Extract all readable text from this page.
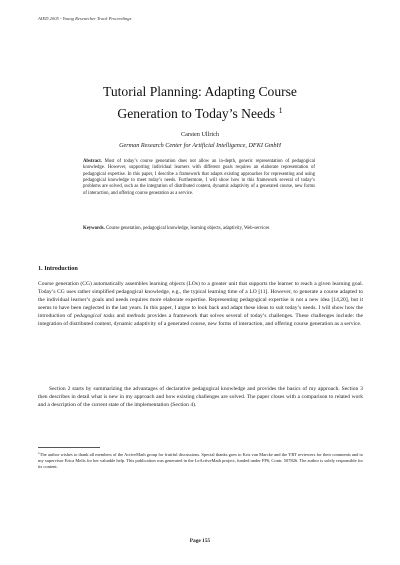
AIED 2005 - Young Researcher Track Proceedings
Tutorial Planning: Adapting Course
Generation to Today’s Needs $^1$
Carsten Ullrich
German Research Center for Artificial Intelligence, DFKI GmbH
Abstract. Most of today’s course generation does not allow an in-depth, generic representation of pedagogical knowledge. However, supporting individual learners with different goals requires an elaborate representation of pedagogical expertise. In this paper, I describe a framework that adapts existing approaches for representing and using pedagogical knowledge to meet today’s needs. Furthermore, I will show how in this framework several of today’s problems are solved, such as the integration of distributed content, dynamic adaptivity of a generated course, new forms of interaction, and offering course generation as a service.
Keywords. Course generation, pedagogical knowledge, learning objects, adaptivity, Web-services
1. Introduction
Course generation (CG) automatically assembles learning objects (LOs) to a greater unit that supports the learner to reach a given learning goal. Today’s CG uses rather simplified pedagogical knowledge, e.g., the typical learning time of a LO [11]. However, to generate a course adapted to the individual learner’s goals and needs requires more elaborate expertise. Representing pedagogical expertise is not a new idea [14,20], but it seems to have been neglected in the last years. In this paper, I argue to look back and adapt these ideas to suit today’s needs. I will show how the introduction of pedagogical tasks and methods provides a framework that solves several of today’s challenges. These challenges include: the integration of distributed content, dynamic adaptivity of a generated course, new forms of interaction, and offering course generation as a service.
Section 2 starts by summarizing the advantages of declarative pedagogical knowledge and provides the basics of my approach. Section 3 then describes in detail what is new in my approach and how existing challenges are solved. The paper closes with a comparison to related work and a description of the current state of the implementation (Section 4).
$^1$The author wishes to thank all members of the ActiveMath group for fruitful discussions. Special thanks goes to Kris van Marcke and the YRT reviewers for their comments and to my supervisor Erica Melis for her valuable help. This publication was generated in the LeActiveMath project, funded under FP6, Contr. 507826. The author is solely responsible for its content.
Page 155
